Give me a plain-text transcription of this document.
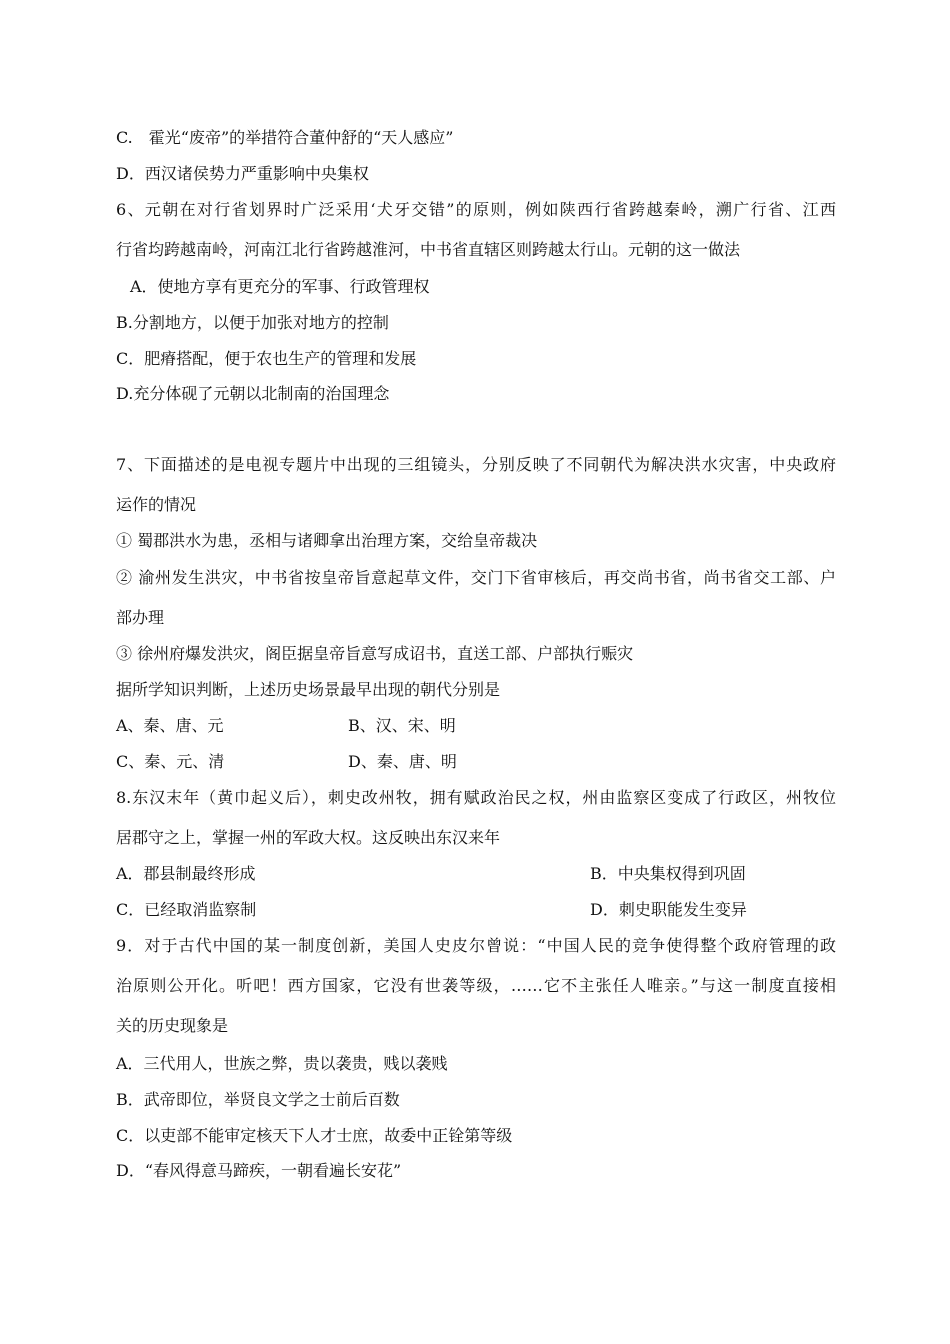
C.　霍光“废帝”的举措符合董仲舒的“天人感应”
D．西汉诸侯势力严重影响中央集权
6、元朝在对行省划界时广泛采用‘犬牙交错”的原则，例如陕西行省跨越秦岭，溯广行省、江西
行省均跨越南岭，河南江北行省跨越淮河，中书省直辖区则跨越太行山。元朝的这一做法
A．使地方享有更充分的军事、行政管理权
B.分割地方，以便于加张对地方的控制
C．肥瘠搭配，便于农也生产的管理和发展
D.充分体砚了元朝以北制南的治国理念
7、下面描述的是电视专题片中出现的三组镜头，分别反映了不同朝代为解决洪水灾害，中央政府
运作的情况
① 蜀郡洪水为患，丞相与诸卿拿出治理方案，交给皇帝裁决
② 渝州发生洪灾，中书省按皇帝旨意起草文件，交门下省审核后，再交尚书省，尚书省交工部、户
部办理
③ 徐州府爆发洪灾，阁臣据皇帝旨意写成诏书，直送工部、户部执行赈灾
据所学知识判断，上述历史场景最早出现的朝代分别是
A、秦、唐、元	B、汉、宋、明
C、秦、元、清	D、秦、唐、明
8.东汉末年（黄巾起义后），刺史改州牧，拥有赋政治民之权，州由监察区变成了行政区，州牧位
居郡守之上，掌握一州的军政大权。这反映出东汉来年
A．郡县制最终形成	B．中央集权得到巩固
C．已经取消监察制	D．刺史职能发生变异
9．对于古代中国的某一制度创新，美国人史皮尔曾说：“中国人民的竞争使得整个政府管理的政
治原则公开化。听吧！西方国家，它没有世袭等级，……它不主张任人唯亲。”与这一制度直接相
关的历史现象是
A．三代用人，世族之弊，贵以袭贵，贱以袭贱
B．武帝即位，举贤良文学之士前后百数
C．以吏部不能审定核天下人才士庶，故委中正铨第等级
D．“春风得意马蹄疾，一朝看遍长安花”
